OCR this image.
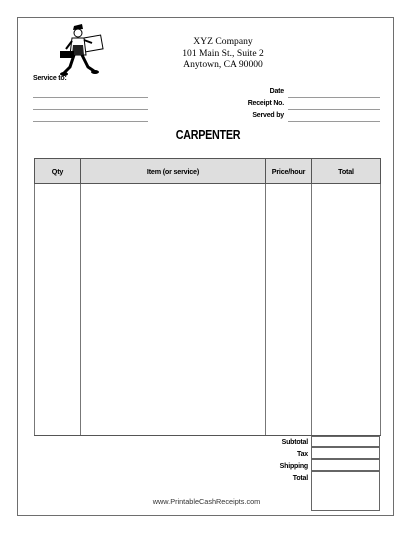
XYZ Company
101 Main St., Suite 2
Anytown, CA 90000
Service to:
Date
Receipt No.
Served by
CARPENTER
Qty	Item (or service)	Price/hour	Total

Subtotal
Tax
Shipping
Total
www.PrintableCashReceipts.com
